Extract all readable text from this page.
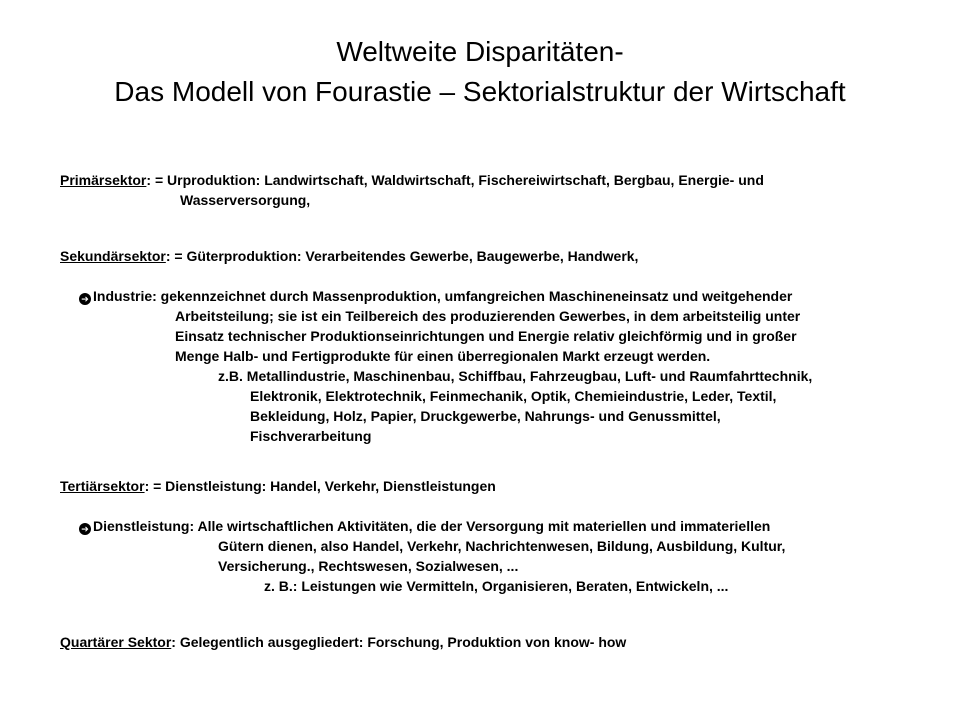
Weltweite Disparitäten-
Das Modell von Fourastie – Sektorialstruktur der Wirtschaft
Primärsektor: = Urproduktion: Landwirtschaft, Waldwirtschaft, Fischereiwirtschaft, Bergbau, Energie- und
Wasserversorgung,
Sekundärsektor: = Güterproduktion: Verarbeitendes Gewerbe, Baugewerbe, Handwerk,
➔ Industrie: gekennzeichnet durch Massenproduktion, umfangreichen Maschineneinsatz und weitgehender
Arbeitsteilung; sie ist ein Teilbereich des produzierenden Gewerbes, in dem arbeitsteilig unter
Einsatz technischer Produktionseinrichtungen und Energie relativ gleichförmig und in großer
Menge Halb- und Fertigprodukte für einen überregionalen Markt erzeugt werden.
z.B. Metallindustrie, Maschinenbau, Schiffbau, Fahrzeugbau, Luft- und Raumfahrttechnik,
Elektronik, Elektrotechnik, Feinmechanik, Optik, Chemieindustrie, Leder, Textil,
Bekleidung, Holz, Papier, Druckgewerbe, Nahrungs- und Genussmittel,
Fischverarbeitung
Tertiärsektor: = Dienstleistung: Handel, Verkehr, Dienstleistungen
➔ Dienstleistung: Alle wirtschaftlichen Aktivitäten, die der Versorgung mit materiellen und immateriellen
Gütern dienen, also Handel, Verkehr, Nachrichtenwesen, Bildung, Ausbildung, Kultur,
Versicherung., Rechtswesen, Sozialwesen, ...
z. B.: Leistungen wie Vermitteln, Organisieren, Beraten, Entwickeln, ...
Quartärer Sektor: Gelegentlich ausgegliedert: Forschung, Produktion von know- how
